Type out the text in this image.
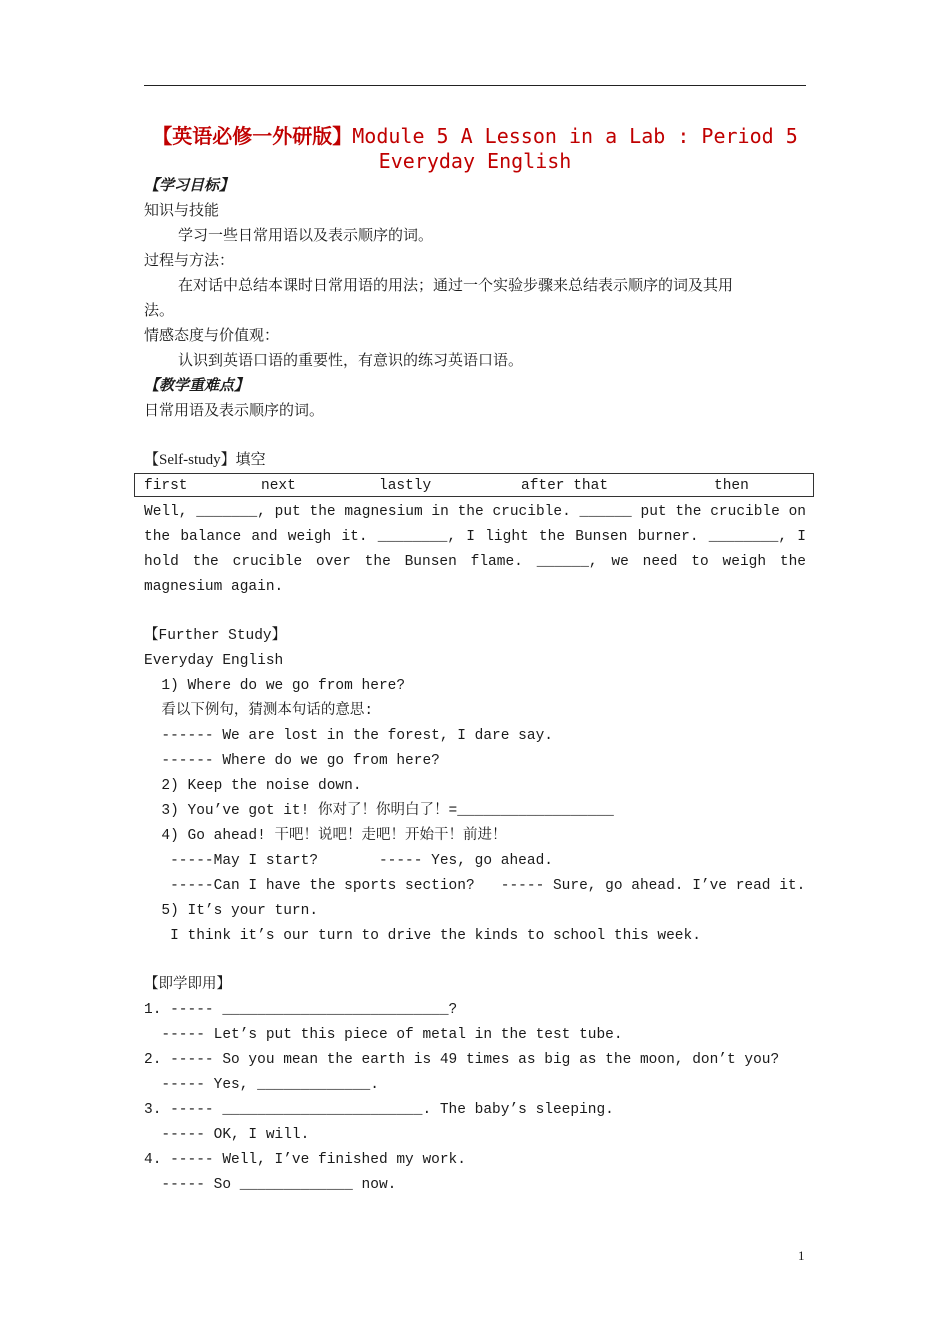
【英语必修一外研版】Module 5 A Lesson in a Lab : Period 5
Everyday English
【学习目标】
知识与技能
学习一些日常用语以及表示顺序的词。
过程与方法：
在对话中总结本课时日常用语的用法；通过一个实验步骤来总结表示顺序的词及其用
法。
情感态度与价值观：
认识到英语口语的重要性，有意识的练习英语口语。
【教学重难点】
日常用语及表示顺序的词。
【Self-study】填空
first	next	lastly	after that	then
Well, _______, put the magnesium in the crucible. ______ put the crucible on the balance and weigh it. ________, I light the Bunsen burner. ________, I hold the crucible over the Bunsen flame. ______, we need to weigh the magnesium again.
【Further Study】
Everyday English
1) Where do we go from here?
看以下例句，猜测本句话的意思:
------ We are lost in the forest, I dare say.
------ Where do we go from here?
2) Keep the noise down.
3) You’ve got it! 你对了！你明白了！=__________________
4) Go ahead! 干吧！说吧！走吧！开始干！前进！
-----May I start?       ----- Yes, go ahead.
-----Can I have the sports section?   ----- Sure, go ahead. I’ve read it.
5) It’s your turn.
I think it’s our turn to drive the kinds to school this week.
【即学即用】
1. ----- __________________________?
----- Let’s put this piece of metal in the test tube.
2. ----- So you mean the earth is 49 times as big as the moon, don’t you?
----- Yes, _____________.
3. ----- _______________________. The baby’s sleeping.
----- OK, I will.
4. ----- Well, I’ve finished my work.
----- So _____________ now.
1
